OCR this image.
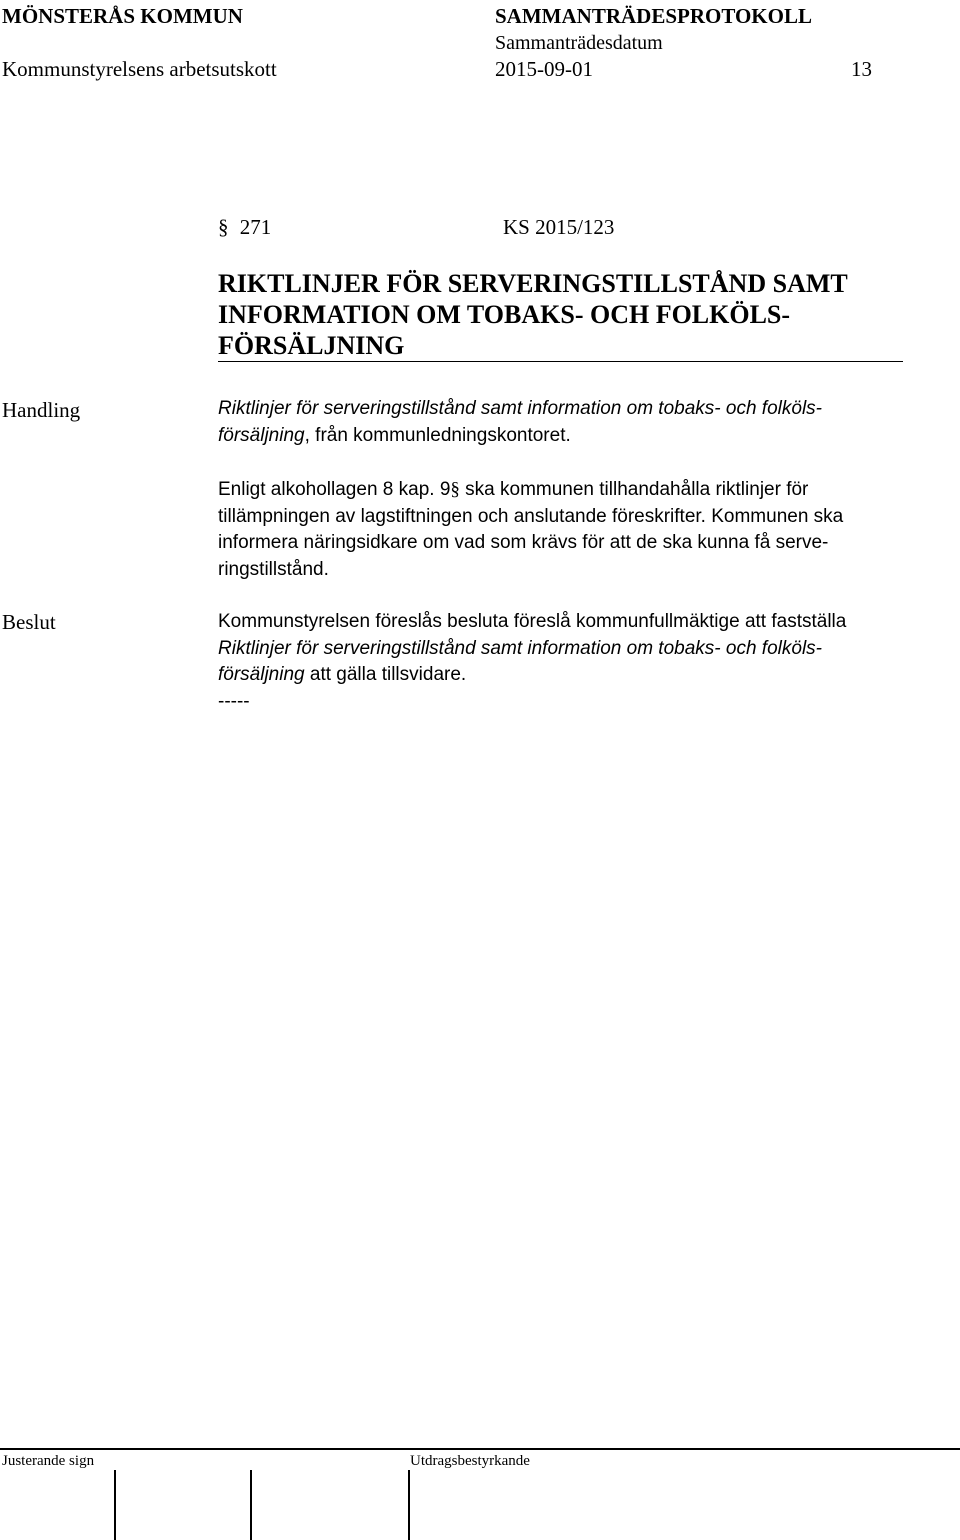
MÖNSTERÅS KOMMUN	SAMMANTRÄDESPROTOKOLL
Sammanträdesdatum
Kommunstyrelsens arbetsutskott	2015-09-01	13
§ 271	KS 2015/123
RIKTLINJER FÖR SERVERINGSTILLSTÅND SAMT
INFORMATION OM TOBAKS- OCH FOLKÖLS-
FÖRSÄLJNING
Handling	Riktlinjer för serveringstillstånd samt information om tobaks- och folköls-

försäljning, från kommunledningskontoret.

Enligt alkohollagen 8 kap. 9§ ska kommunen tillhandahålla riktlinjer för

tillämpningen av lagstiftningen och anslutande föreskrifter. Kommunen ska

informera näringsidkare om vad som krävs för att de ska kunna få serve-

ringstillstånd.

Beslut	Kommunstyrelsen föreslås besluta föreslå kommunfullmäktige att fastställa

Riktlinjer för serveringstillstånd samt information om tobaks- och folköls-

försäljning att gälla tillsvidare.

-----

Justerande sign	Utdragsbestyrkande
